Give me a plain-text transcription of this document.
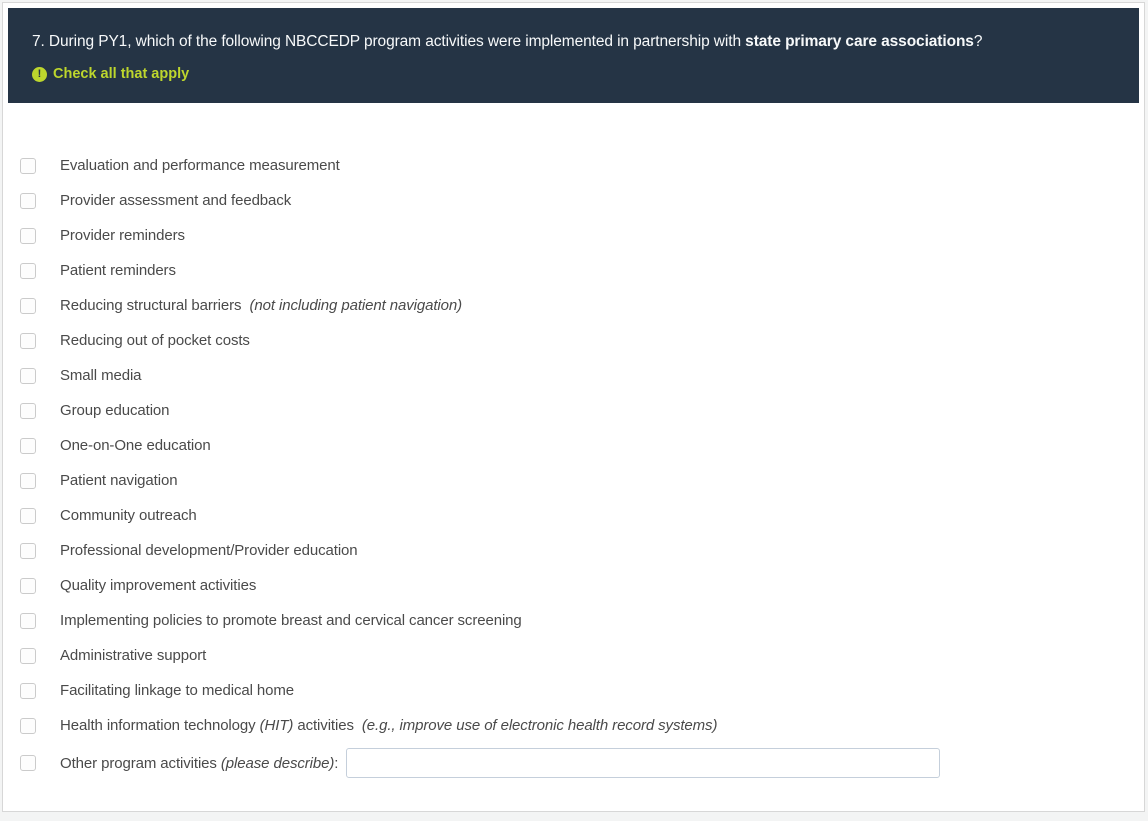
7. During PY1, which of the following NBCCEDP program activities were implemented in partnership with state primary care associations?
! Check all that apply
Evaluation and performance measurement
Provider assessment and feedback
Provider reminders
Patient reminders
Reducing structural barriers (not including patient navigation)
Reducing out of pocket costs
Small media
Group education
One-on-One education
Patient navigation
Community outreach
Professional development/Provider education
Quality improvement activities
Implementing policies to promote breast and cervical cancer screening
Administrative support
Facilitating linkage to medical home
Health information technology (HIT) activities (e.g., improve use of electronic health record systems)
Other program activities (please describe):
